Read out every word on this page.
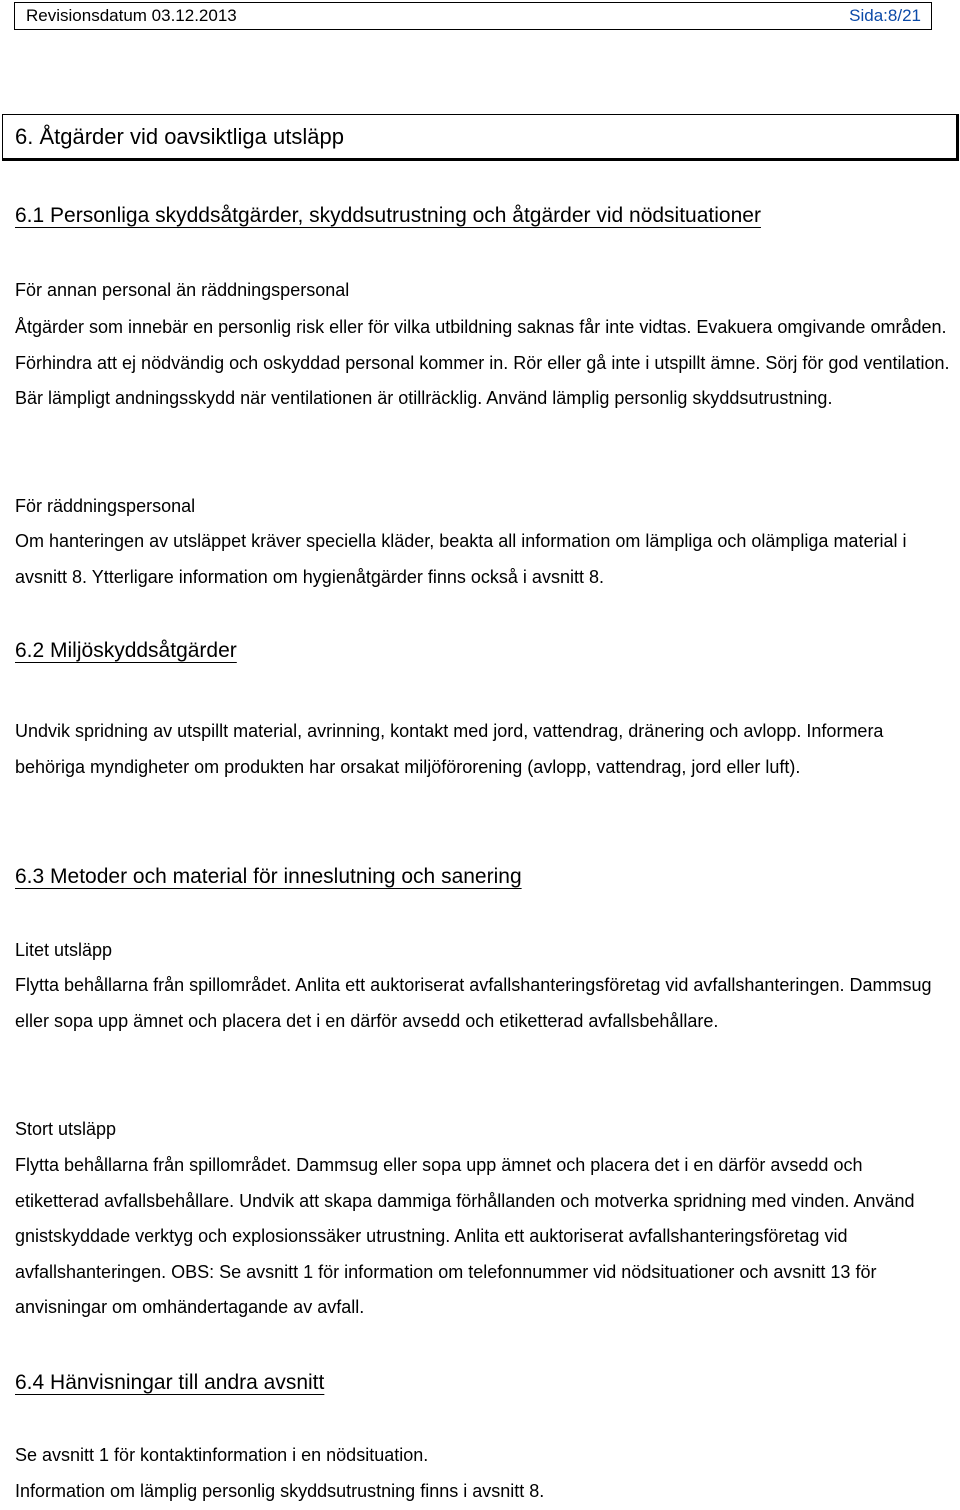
Revisionsdatum 03.12.2013	Sida:8/21
6. Åtgärder vid oavsiktliga utsläpp
6.1 Personliga skyddsåtgärder, skyddsutrustning och åtgärder vid nödsituationer
För annan personal än räddningspersonal
Åtgärder som innebär en personlig risk eller för vilka utbildning saknas får inte vidtas. Evakuera omgivande områden. Förhindra att ej nödvändig och oskyddad personal kommer in. Rör eller gå inte i utspillt ämne. Sörj för god ventilation. Bär lämpligt andningsskydd när ventilationen är otillräcklig. Använd lämplig personlig skyddsutrustning.
För räddningspersonal
Om hanteringen av utsläppet kräver speciella kläder, beakta all information om lämpliga och olämpliga material i avsnitt 8. Ytterligare information om hygienåtgärder finns också i avsnitt 8.
6.2 Miljöskyddsåtgärder
Undvik spridning av utspillt material, avrinning, kontakt med jord, vattendrag, dränering och avlopp. Informera behöriga myndigheter om produkten har orsakat miljöförorening (avlopp, vattendrag, jord eller luft).
6.3 Metoder och material för inneslutning och sanering
Litet utsläpp
Flytta behållarna från spillområdet. Anlita ett auktoriserat avfallshanteringsföretag vid avfallshanteringen. Dammsug eller sopa upp ämnet och placera det i en därför avsedd och etiketterad avfallsbehållare.
Stort utsläpp
Flytta behållarna från spillområdet. Dammsug eller sopa upp ämnet och placera det i en därför avsedd och etiketterad avfallsbehållare. Undvik att skapa dammiga förhållanden och motverka spridning med vinden. Använd gnistskyddade verktyg och explosionssäker utrustning. Anlita ett auktoriserat avfallshanteringsföretag vid avfallshanteringen. OBS: Se avsnitt 1 för information om telefonnummer vid nödsituationer och avsnitt 13 för anvisningar om omhändertagande av avfall.
6.4 Hänvisningar till andra avsnitt
Se avsnitt 1 för kontaktinformation i en nödsituation.
Information om lämplig personlig skyddsutrustning finns i avsnitt 8.
